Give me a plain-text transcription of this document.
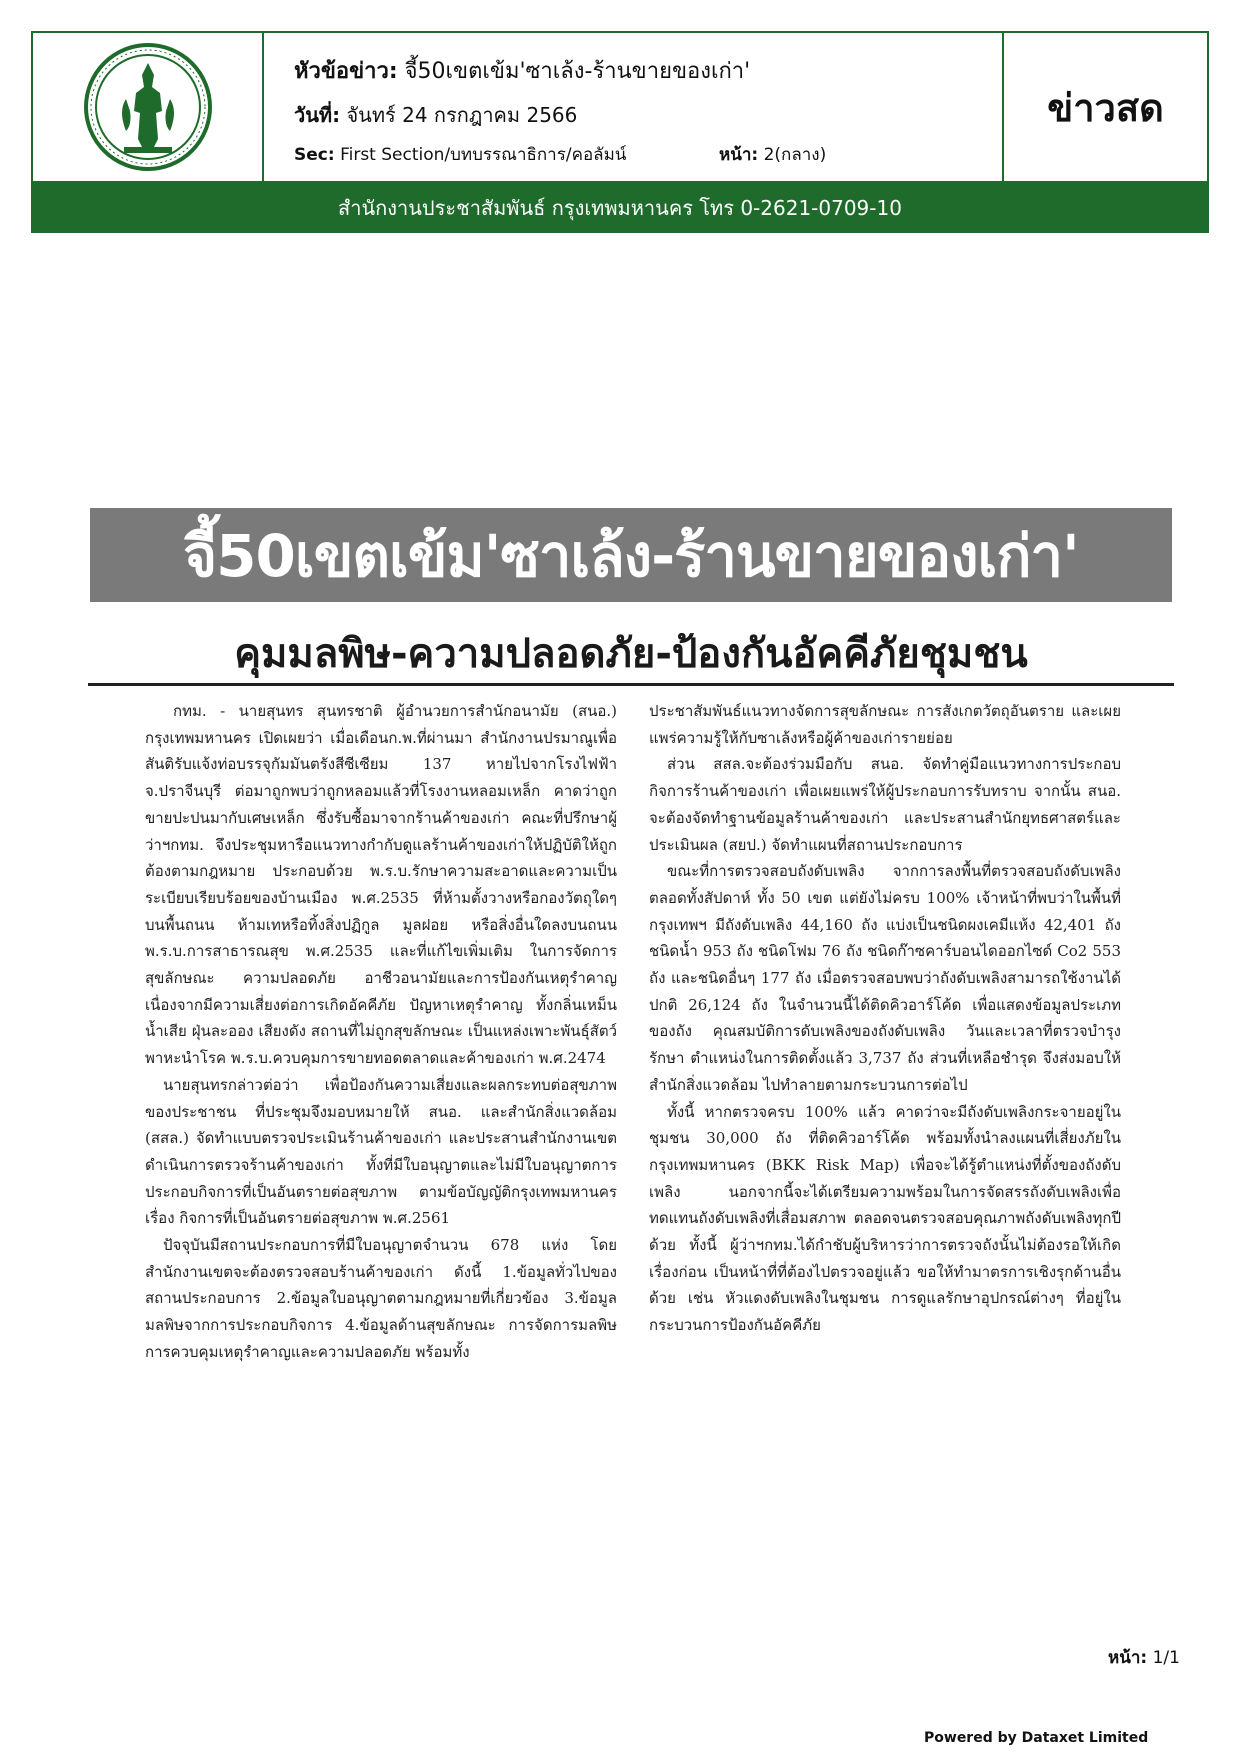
หัวข้อข่าว: จี้50เขตเข้ม'ซาเล้ง-ร้านขายของเก่า'
วันที่: จันทร์ 24 กรกฎาคม 2566
Sec: First Section/บทบรรณาธิการ/คอลัมน์	หน้า: 2(กลาง)
ข่าวสด
สำนักงานประชาสัมพันธ์ กรุงเทพมหานคร โทร 0-2621-0709-10
จี้50เขตเข้ม'ซาเล้ง-ร้านขายของเก่า'
คุมมลพิษ-ความปลอดภัย-ป้องกันอัคคีภัยชุมชน

กทม. - นายสุนทร สุนทรชาติ ผู้อำนวยการสำนักอนามัย (สนอ.) กรุงเทพมหานคร เปิดเผยว่า เมื่อเดือนก.พ.ที่ผ่านมา สำนักงานปรมาณูเพื่อสันติรับแจ้งท่อบรรจุกัมมันตรังสีซีเซียม 137 หายไปจากโรงไฟฟ้า จ.ปราจีนบุรี ต่อมาถูกพบว่าถูกหลอมแล้วที่โรงงานหลอมเหล็ก คาดว่าถูกขายปะปนมากับเศษเหล็ก ซึ่งรับซื้อมาจากร้านค้าของเก่า คณะที่ปรึกษาผู้ว่าฯกทม. จึงประชุมหารือแนวทางกำกับดูแลร้านค้าของเก่าให้ปฏิบัติให้ถูกต้องตามกฎหมาย ประกอบด้วย พ.ร.บ.รักษาความสะอาดและความเป็นระเบียบเรียบร้อยของบ้านเมือง พ.ศ.2535 ที่ห้ามตั้งวางหรือกองวัตถุใดๆ บนพื้นถนน ห้ามเทหรือทิ้งสิ่งปฏิกูล มูลฝอย หรือสิ่งอื่นใดลงบนถนน พ.ร.บ.การสาธารณสุข พ.ศ.2535 และที่แก้ไขเพิ่มเติม ในการจัดการสุขลักษณะ ความปลอดภัย อาชีวอนามัยและการป้องกันเหตุรำคาญ เนื่องจากมีความเสี่ยงต่อการเกิดอัคคีภัย ปัญหาเหตุรำคาญ ทั้งกลิ่นเหม็น น้ำเสีย ฝุ่นละออง เสียงดัง สถานที่ไม่ถูกสุขลักษณะ เป็นแหล่งเพาะพันธุ์สัตว์พาหะนำโรค พ.ร.บ.ควบคุมการขายทอดตลาดและค้าของเก่า พ.ศ.2474

นายสุนทรกล่าวต่อว่า เพื่อป้องกันความเสี่ยงและผลกระทบต่อสุขภาพของประชาชน ที่ประชุมจึงมอบหมายให้ สนอ. และสำนักสิ่งแวดล้อม (สสล.) จัดทำแบบตรวจประเมินร้านค้าของเก่า และประสานสำนักงานเขต ดำเนินการตรวจร้านค้าของเก่า ทั้งที่มีใบอนุญาตและไม่มีใบอนุญาตการประกอบกิจการที่เป็นอันตรายต่อสุขภาพ ตามข้อบัญญัติกรุงเทพมหานคร เรื่อง กิจการที่เป็นอันตรายต่อสุขภาพ พ.ศ.2561

ปัจจุบันมีสถานประกอบการที่มีใบอนุญาตจำนวน 678 แห่ง โดยสำนักงานเขตจะต้องตรวจสอบร้านค้าของเก่า ดังนี้ 1.ข้อมูลทั่วไปของสถานประกอบการ 2.ข้อมูลใบอนุญาตตามกฎหมายที่เกี่ยวข้อง 3.ข้อมูลมลพิษจากการประกอบกิจการ 4.ข้อมูลด้านสุขลักษณะ การจัดการมลพิษ การควบคุมเหตุรำคาญและความปลอดภัย พร้อมทั้ง

ประชาสัมพันธ์แนวทางจัดการสุขลักษณะ การสังเกตวัตถุอันตราย และเผยแพร่ความรู้ให้กับซาเล้งหรือผู้ค้าของเก่ารายย่อย

ส่วน สสล.จะต้องร่วมมือกับ สนอ. จัดทำคู่มือแนวทางการประกอบกิจการร้านค้าของเก่า เพื่อเผยแพร่ให้ผู้ประกอบการรับทราบ จากนั้น สนอ. จะต้องจัดทำฐานข้อมูลร้านค้าของเก่า และประสานสำนักยุทธศาสตร์และประเมินผล (สยป.) จัดทำแผนที่สถานประกอบการ

ขณะที่การตรวจสอบถังดับเพลิง จากการลงพื้นที่ตรวจสอบถังดับเพลิงตลอดทั้งสัปดาห์ ทั้ง 50 เขต แต่ยังไม่ครบ 100% เจ้าหน้าที่พบว่าในพื้นที่กรุงเทพฯ มีถังดับเพลิง 44,160 ถัง แบ่งเป็นชนิดผงเคมีแห้ง 42,401 ถัง ชนิดน้ำ 953 ถัง ชนิดโฟม 76 ถัง ชนิดก๊าซคาร์บอนไดออกไซด์ Co2 553 ถัง และชนิดอื่นๆ 177 ถัง เมื่อตรวจสอบพบว่าถังดับเพลิงสามารถใช้งานได้ปกติ 26,124 ถัง ในจำนวนนี้ได้ติดคิวอาร์โค้ด เพื่อแสดงข้อมูลประเภทของถัง คุณสมบัติการดับเพลิงของถังดับเพลิง วันและเวลาที่ตรวจบำรุงรักษา ตำแหน่งในการติดตั้งแล้ว 3,737 ถัง ส่วนที่เหลือชำรุด จึงส่งมอบให้สำนักสิ่งแวดล้อม ไปทำลายตามกระบวนการต่อไป

ทั้งนี้ หากตรวจครบ 100% แล้ว คาดว่าจะมีถังดับเพลิงกระจายอยู่ในชุมชน 30,000 ถัง ที่ติดคิวอาร์โค้ด พร้อมทั้งนำลงแผนที่เสี่ยงภัยในกรุงเทพมหานคร (BKK Risk Map) เพื่อจะได้รู้ตำแหน่งที่ตั้งของถังดับเพลิง นอกจากนี้จะได้เตรียมความพร้อมในการจัดสรรถังดับเพลิงเพื่อทดแทนถังดับเพลิงที่เสื่อมสภาพ ตลอดจนตรวจสอบคุณภาพถังดับเพลิงทุกปีด้วย ทั้งนี้ ผู้ว่าฯกทม.ได้กำชับผู้บริหารว่าการตรวจถังนั้นไม่ต้องรอให้เกิดเรื่องก่อน เป็นหน้าที่ที่ต้องไปตรวจอยู่แล้ว ขอให้ทำมาตรการเชิงรุกด้านอื่นด้วย เช่น หัวแดงดับเพลิงในชุมชน การดูแลรักษาอุปกรณ์ต่างๆ ที่อยู่ในกระบวนการป้องกันอัคคีภัย

หน้า: 1/1
Powered by Dataxet Limited
